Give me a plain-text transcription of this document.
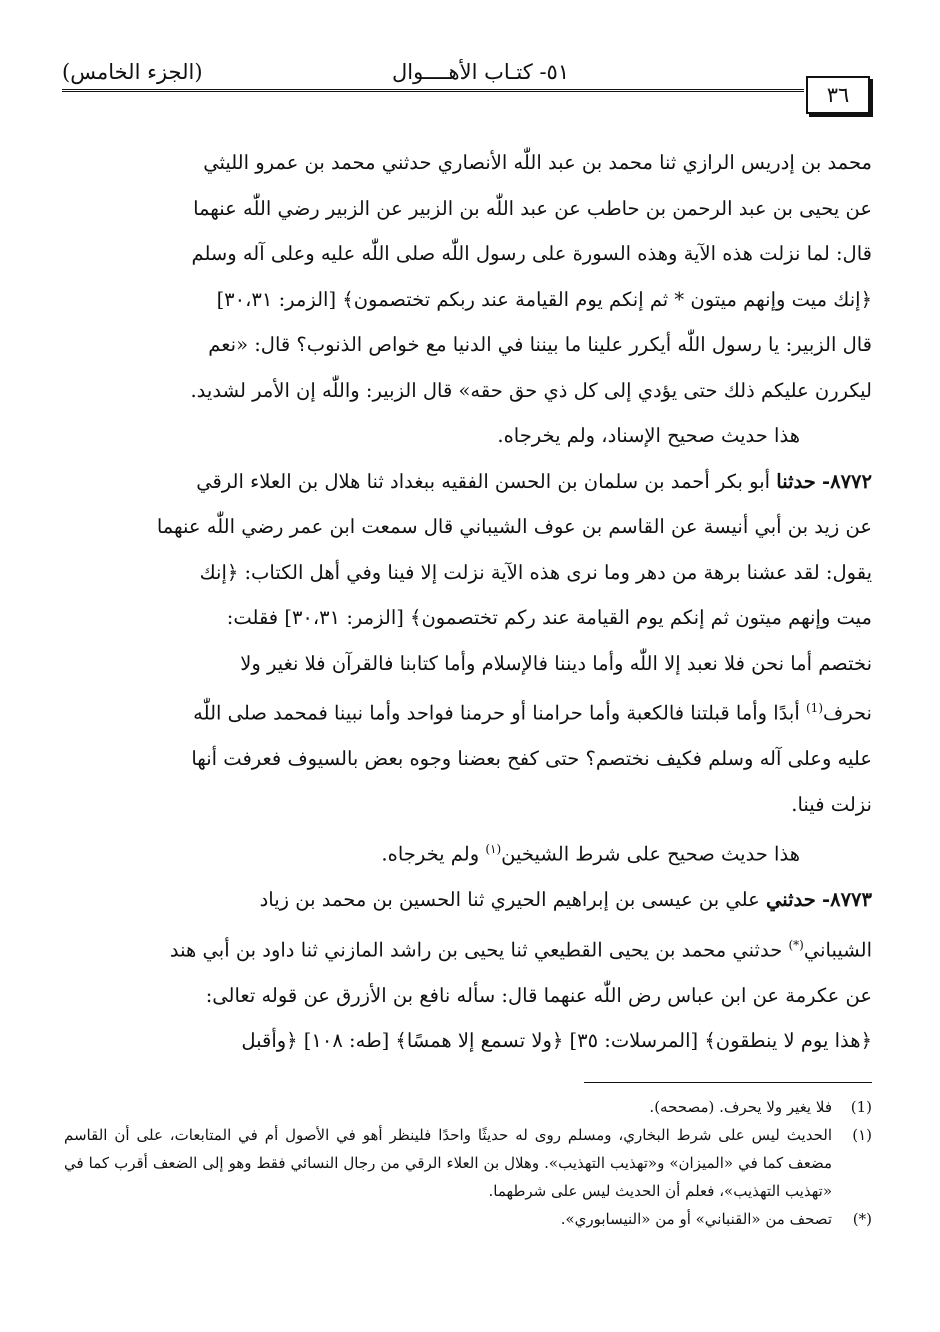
(الجزء الخامس)	٥١- كتـاب الأهــــوال
٣٦

محمد بن إدريس الرازي ثنا محمد بن عبد اللّٰه الأنصاري حدثني محمد بن عمرو الليثي

عن يحيى بن عبد الرحمن بن حاطب عن عبد اللّٰه بن الزبير عن الزبير رضي اللّٰه عنهما

قال: لما نزلت هذه الآية وهذه السورة على رسول اللّٰه صلى اللّٰه عليه وعلى آله وسلم

﴿إنك ميت وإنهم ميتون * ثم إنكم يوم القيامة عند ربكم تختصمون﴾ [الزمر: ٣٠،٣١]

قال الزبير: يا رسول اللّٰه أيكرر علينا ما بيننا في الدنيا مع خواص الذنوب؟ قال: «نعم

ليكررن عليكم ذلك حتى يؤدي إلى كل ذي حق حقه» قال الزبير: واللّٰه إن الأمر لشديد.

هذا حديث صحيح الإسناد، ولم يخرجاه.

٨٧٧٢- حدثنا أبو بكر أحمد بن سلمان بن الحسن الفقيه ببغداد ثنا هلال بن العلاء الرقي

عن زيد بن أبي أنيسة عن القاسم بن عوف الشيباني قال سمعت ابن عمر رضي اللّٰه عنهما

يقول: لقد عشنا برهة من دهر وما نرى هذه الآية نزلت إلا فينا وفي أهل الكتاب: ﴿إنك

ميت وإنهم ميتون ثم إنكم يوم القيامة عند ركم تختصمون﴾ [الزمر: ٣٠،٣١] فقلت:

نختصم أما نحن فلا نعبد إلا اللّٰه وأما ديننا فالإسلام وأما كتابنا فالقرآن فلا نغير ولا

نحرف$^{(1)}$ أبدًا وأما قبلتنا فالكعبة وأما حرامنا أو حرمنا فواحد وأما نبينا فمحمد صلى اللّٰه

عليه وعلى آله وسلم فكيف نختصم؟ حتى كفح بعضنا وجوه بعض بالسيوف فعرفت أنها

نزلت فينا.

هذا حديث صحيح على شرط الشيخين$^{(١)}$ ولم يخرجاه.

٨٧٧٣- حدثني علي بن عيسى بن إبراهيم الحيري ثنا الحسين بن محمد بن زياد

الشيباني(*) حدثني محمد بن يحيى القطيعي ثنا يحيى بن راشد المازني ثنا داود بن أبي هند

عن عكرمة عن ابن عباس رض اللّٰه عنهما قال: سأله نافع بن الأزرق عن قوله تعالى:

﴿هذا يوم لا ينطقون﴾ [المرسلات: ٣٥] ﴿ولا تسمع إلا همسًا﴾ [طه: ١٠٨] ﴿وأقبل

(1)
فلا يغير ولا يحرف. (مصححه).
(١)
الحديث ليس على شرط البخاري، ومسلم روى له حديثًا واحدًا فلينظر أهو في الأصول أم في المتابعات، على أن القاسم مضعف كما في «الميزان» و«تهذيب التهذيب». وهلال بن العلاء الرقي من رجال النسائي فقط وهو إلى الضعف أقرب كما في «تهذيب التهذيب»، فعلم أن الحديث ليس على شرطهما.
(*)
تصحف من «القنباني» أو من «النيسابوري».
